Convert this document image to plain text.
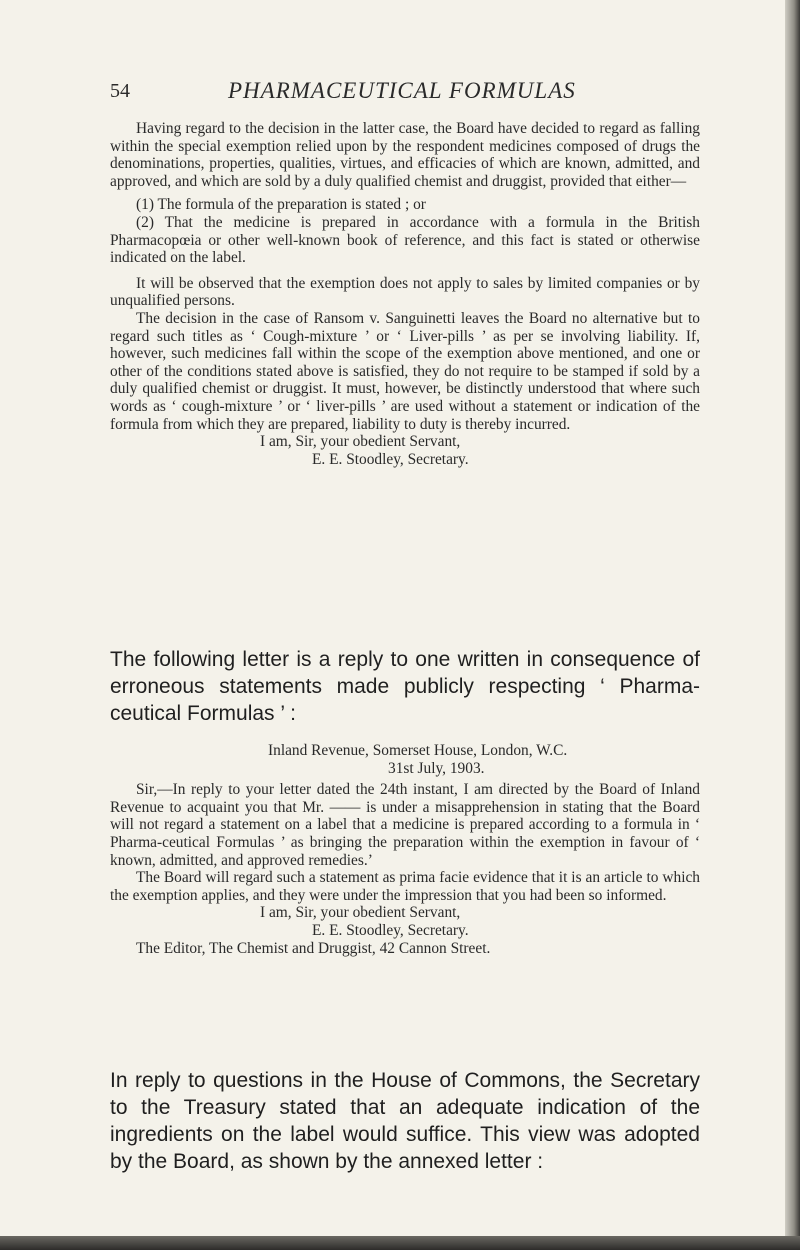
54	PHARMACEUTICAL FORMULAS

Having regard to the decision in the latter case, the Board have decided to regard as falling within the special exemption relied upon by the respondent medicines composed of drugs the denominations, properties, qualities, virtues, and efficacies of which are known, admitted, and approved, and which are sold by a duly qualified chemist and druggist, provided that either—

(1) The formula of the preparation is stated ; or

(2) That the medicine is prepared in accordance with a formula in the British Pharmacopœia or other well-known book of reference, and this fact is stated or otherwise indicated on the label.

It will be observed that the exemption does not apply to sales by limited companies or by unqualified persons.

The decision in the case of Ransom v. Sanguinetti leaves the Board no alternative but to regard such titles as ‘ Cough-mixture ’ or ‘ Liver-pills ’ as per se involving liability. If, however, such medicines fall within the scope of the exemption above mentioned, and one or other of the conditions stated above is satisfied, they do not require to be stamped if sold by a duly qualified chemist or druggist. It must, however, be distinctly understood that where such words as ‘ cough-mixture ’ or ‘ liver-pills ’ are used without a statement or indication of the formula from which they are prepared, liability to duty is thereby incurred.

I am, Sir, your obedient Servant,

E. E. Stoodley, Secretary.

The following letter is a reply to one written in consequence of erroneous statements made publicly respecting ‘ Pharma-ceutical Formulas ’ :

Inland Revenue, Somerset House, London, W.C.

31st July, 1903.

Sir,—In reply to your letter dated the 24th instant, I am directed by the Board of Inland Revenue to acquaint you that Mr. —— is under a misapprehension in stating that the Board will not regard a statement on a label that a medicine is prepared according to a formula in ‘ Pharma-ceutical Formulas ’ as bringing the preparation within the exemption in favour of ‘ known, admitted, and approved remedies.’

The Board will regard such a statement as prima facie evidence that it is an article to which the exemption applies, and they were under the impression that you had been so informed.

I am, Sir, your obedient Servant,

E. E. Stoodley, Secretary.

The Editor, The Chemist and Druggist, 42 Cannon Street.

In reply to questions in the House of Commons, the Secretary to the Treasury stated that an adequate indication of the ingredients on the label would suffice. This view was adopted by the Board, as shown by the annexed letter :
